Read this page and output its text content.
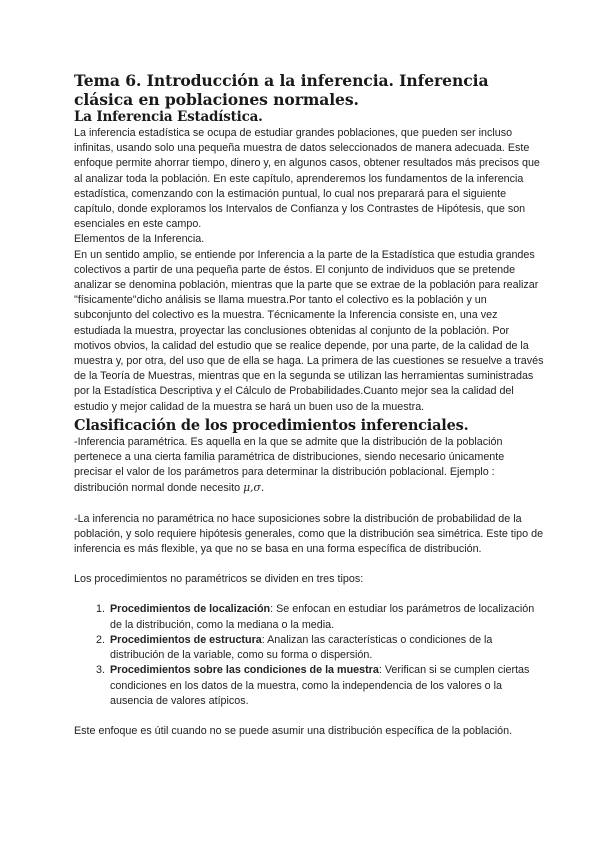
Tema 6. Introducción a la inferencia. Inferencia clásica en poblaciones normales.
La Inferencia Estadística.

La inferencia estadística se ocupa de estudiar grandes poblaciones, que pueden ser incluso infinitas, usando solo una pequeña muestra de datos seleccionados de manera adecuada. Este enfoque permite ahorrar tiempo, dinero y, en algunos casos, obtener resultados más precisos que al analizar toda la población. En este capítulo, aprenderemos los fundamentos de la inferencia estadística, comenzando con la estimación puntual, lo cual nos preparará para el siguiente capítulo, donde exploramos los Intervalos de Confianza y los Contrastes de Hipótesis, que son esenciales en este campo.

Elementos de la Inferencia.

En un sentido amplio, se entiende por Inferencia a la parte de la Estadística que estudia grandes colectivos a partir de una pequeña parte de éstos. El conjunto de individuos que se pretende analizar se denomina población, mientras que la parte que se extrae de la población para realizar "físicamente"dicho análisis se llama muestra.Por tanto el colectivo es la población y un subconjunto del colectivo es la muestra. Técnicamente la Inferencia consiste en, una vez estudiada la muestra, proyectar las conclusiones obtenidas al conjunto de la población. Por motivos obvios, la calidad del estudio que se realice depende, por una parte, de la calidad de la muestra y, por otra, del uso que de ella se haga. La primera de las cuestiones se resuelve a través de la Teoría de Muestras, mientras que en la segunda se utilizan las herramientas suministradas por la Estadística Descriptiva y el Cálculo de Probabilidades.Cuanto mejor sea la calidad del estudio y mejor calidad de la muestra se hará un buen uso de la muestra.

Clasificación de los procedimientos inferenciales.

-Inferencia paramétrica. Es aquella en la que se admite que la distribución de la población pertenece a una cierta familia paramétrica de distribuciones, siendo necesario únicamente precisar el valor de los parámetros para determinar la distribución poblacional. Ejemplo : distribución normal donde necesito μ,σ.

-La inferencia no paramétrica no hace suposiciones sobre la distribución de probabilidad de la población, y solo requiere hipótesis generales, como que la distribución sea simétrica. Este tipo de inferencia es más flexible, ya que no se basa en una forma específica de distribución.

Los procedimientos no paramétricos se dividen en tres tipos:

1. Procedimientos de localización: Se enfocan en estudiar los parámetros de localización de la distribución, como la mediana o la media.
2. Procedimientos de estructura: Analizan las características o condiciones de la distribución de la variable, como su forma o dispersión.
3. Procedimientos sobre las condiciones de la muestra: Verifican si se cumplen ciertas condiciones en los datos de la muestra, como la independencia de los valores o la ausencia de valores atípicos.

Este enfoque es útil cuando no se puede asumir una distribución específica de la población.
